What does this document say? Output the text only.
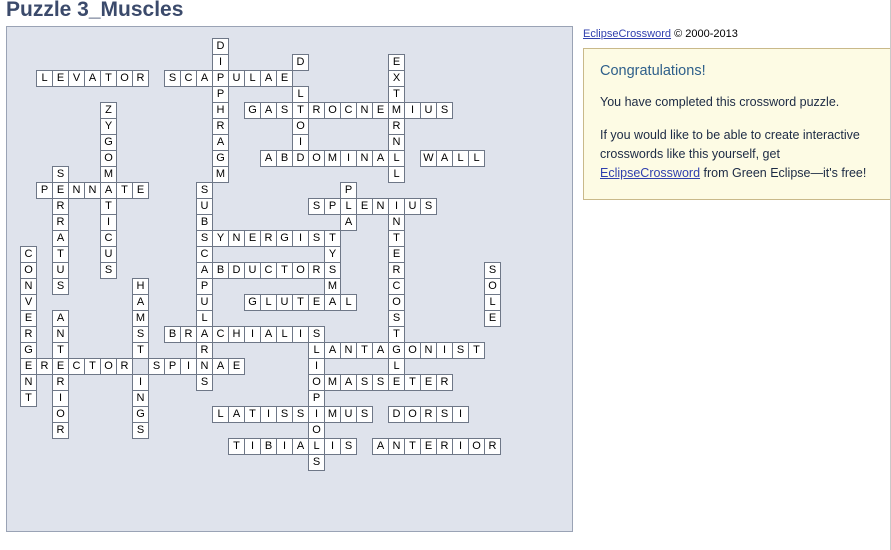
Puzzle 3_Muscles
D
I	D	E
L E V A T O R	S C A P U L A E	X
P	L	T
Z	H	G A S T R O C N E M I U S
Y	R	O	R
G	A	I	N
O	G	A B D O M I N A L	W A L L
S	M	M	L
P E N N A T E	S	P
R	T	U	S P L E N I U S
R	I	B	A	N
A	C	S Y N E R G I S T	T
C	T	U	C	Y	E
O	U	S	A B D U C T O R S	R	S
N	S	H	P	M	C	O
V	A	U	G L U T E A L	O	L
E	A	M	L	S	E
R	N	S	B R A C H I A L	I S	T
G	T	T	R	L A N T A G O N I S T
E R E C T O R	S P I N A E	I	L
N	R	I	S	O M A S S E T E R
T	I	N	P
O	G	L A T	I S S I M U S	D O R S I
R	S	O
T	I B I A L	I S	A N T E R I O R
S
EclipseCrossword © 2000-2013

Congratulations!

You have completed this crossword puzzle.

If you would like to be able to create interactive crosswords like this yourself, get EclipseCrossword from Green Eclipse—it's free!
